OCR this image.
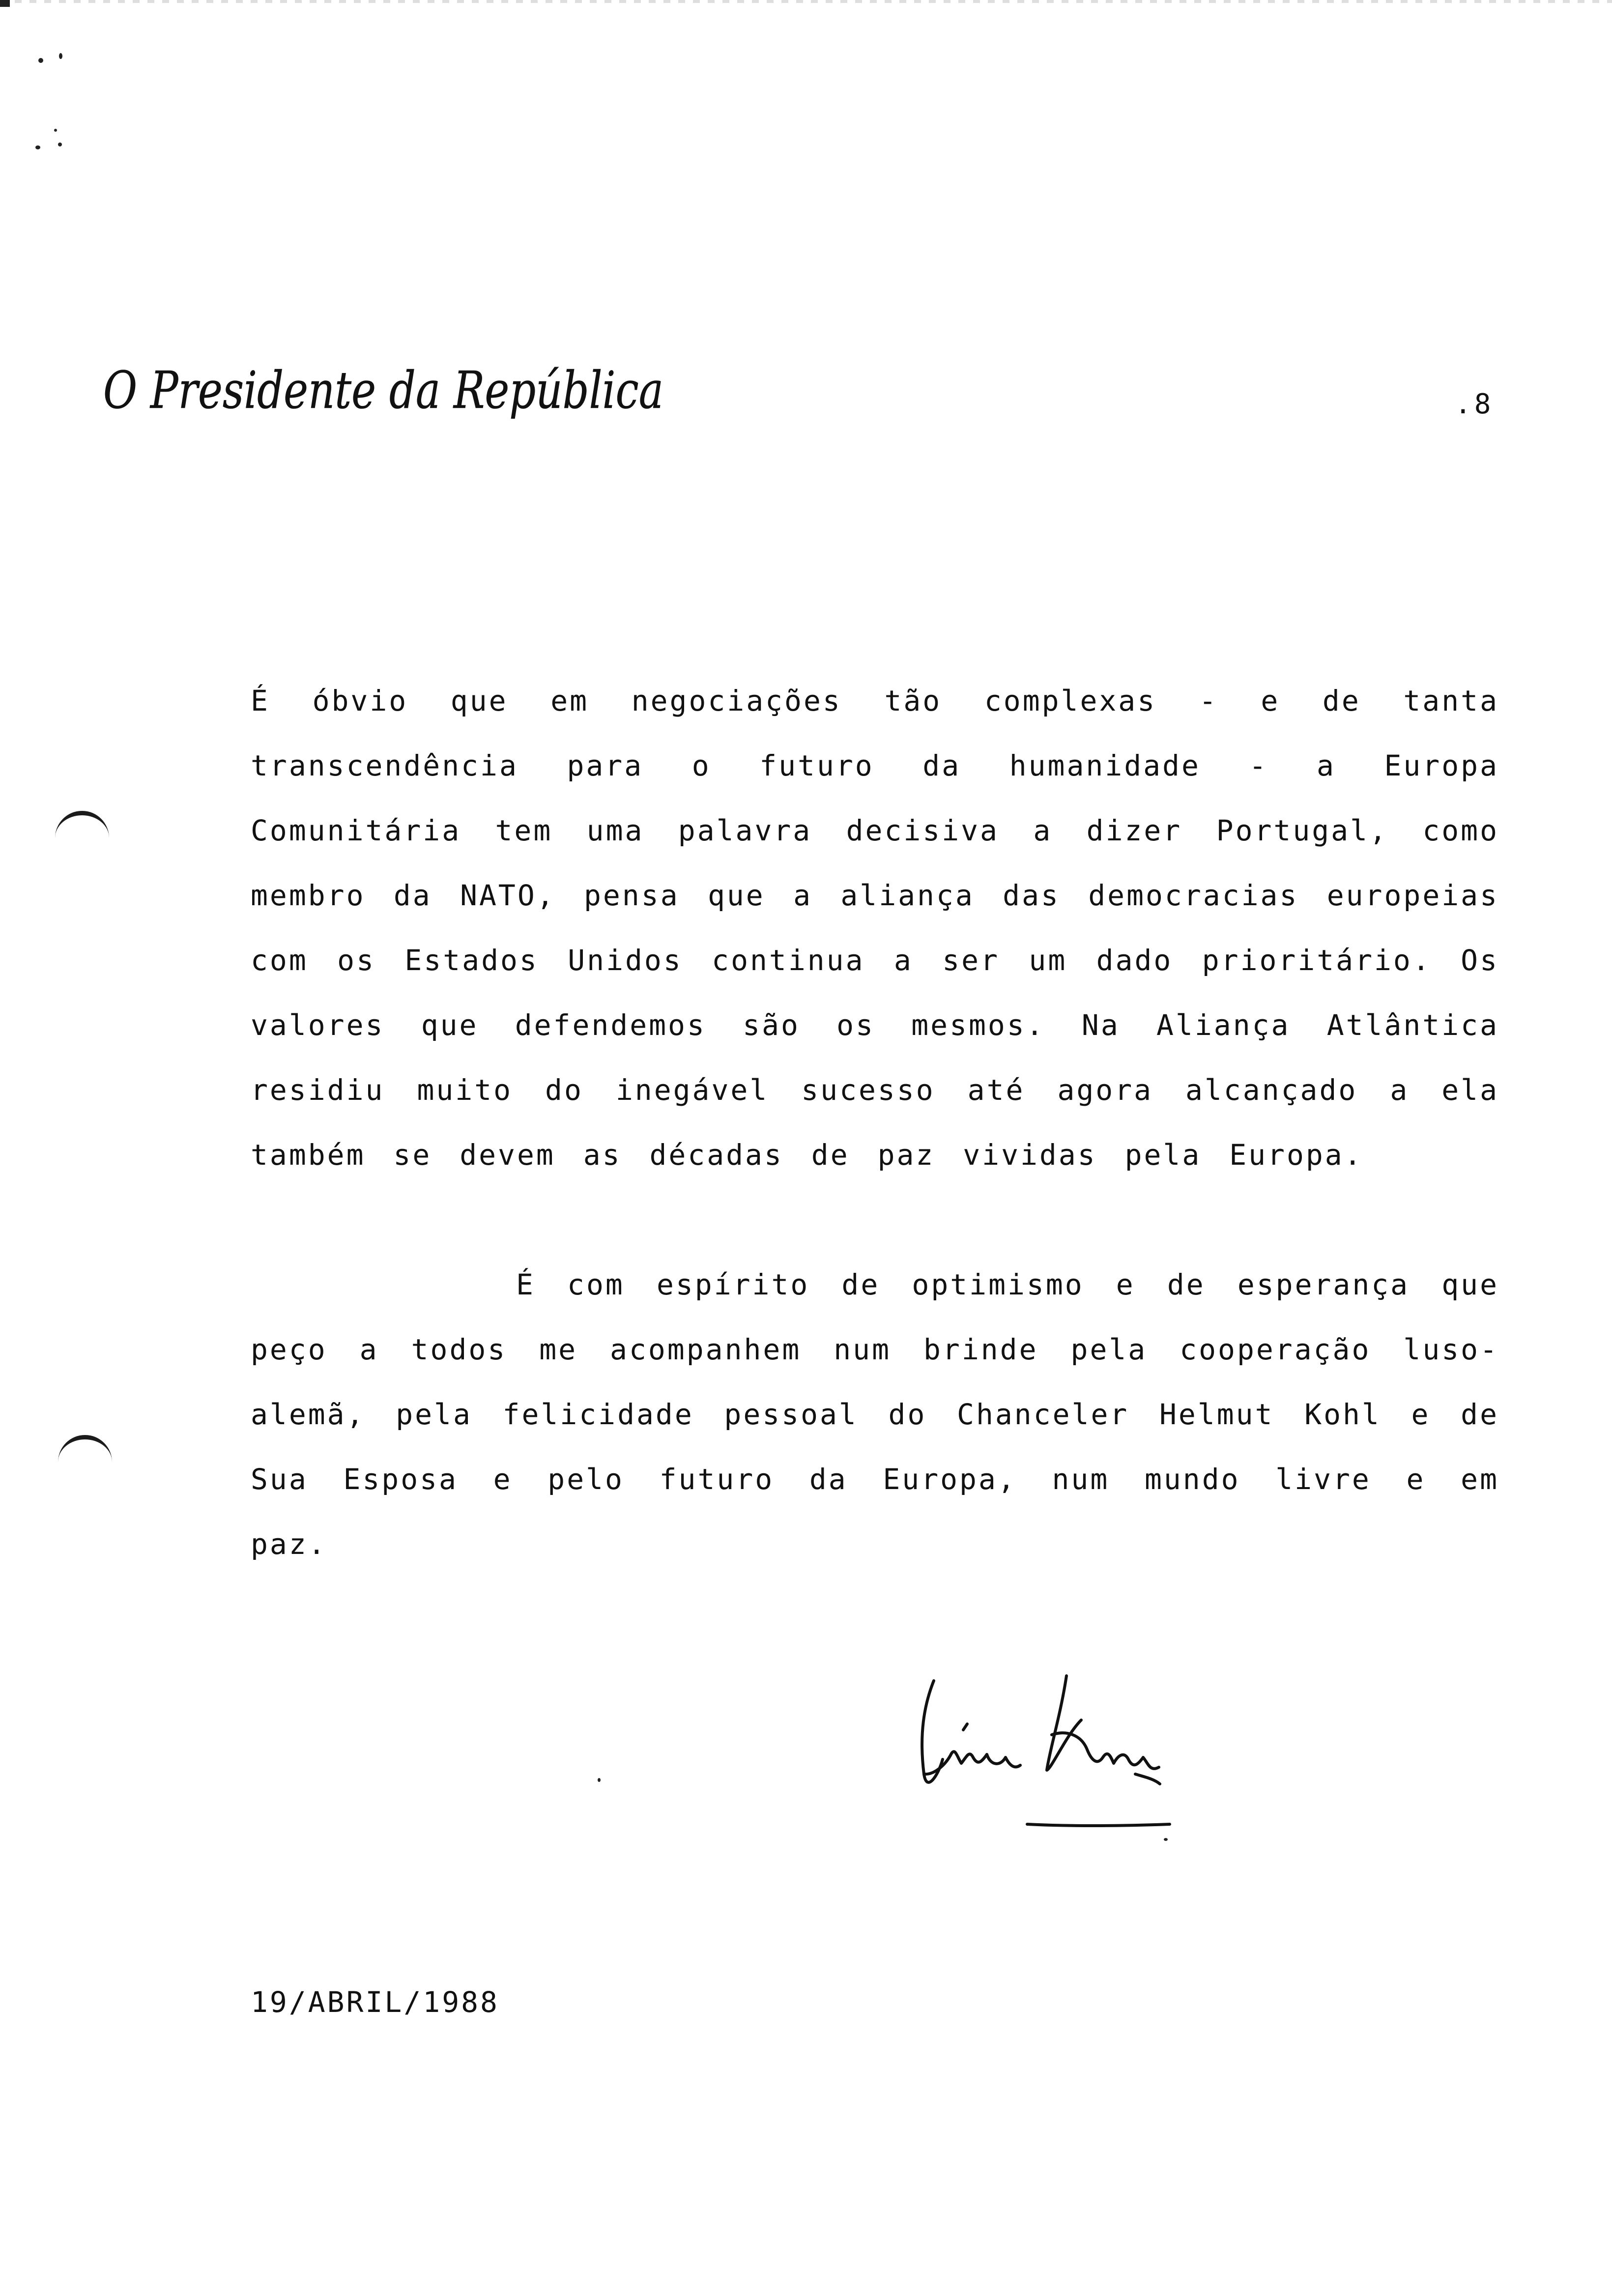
O Presidente da República	.8

É óbvio que em negociações tão complexas - e de tanta transcendência para o futuro da humanidade - a Europa Comunitária tem uma palavra decisiva a dizer Portugal, como membro da NATO, pensa que a aliança das democracias europeias com os Estados Unidos continua a ser um dado prioritário. Os valores que defendemos são os mesmos. Na Aliança Atlântica residiu muito do inegável sucesso até agora alcançado a ela também se devem as décadas de paz vividas pela Europa.

É com espírito de optimismo e de esperança que peço a todos me acompanhem num brinde pela cooperação luso-alemã, pela felicidade pessoal do Chanceler Helmut Kohl e de Sua Esposa e pelo futuro da Europa, num mundo livre e em paz.

Mário Soares
19/ABRIL/1988
